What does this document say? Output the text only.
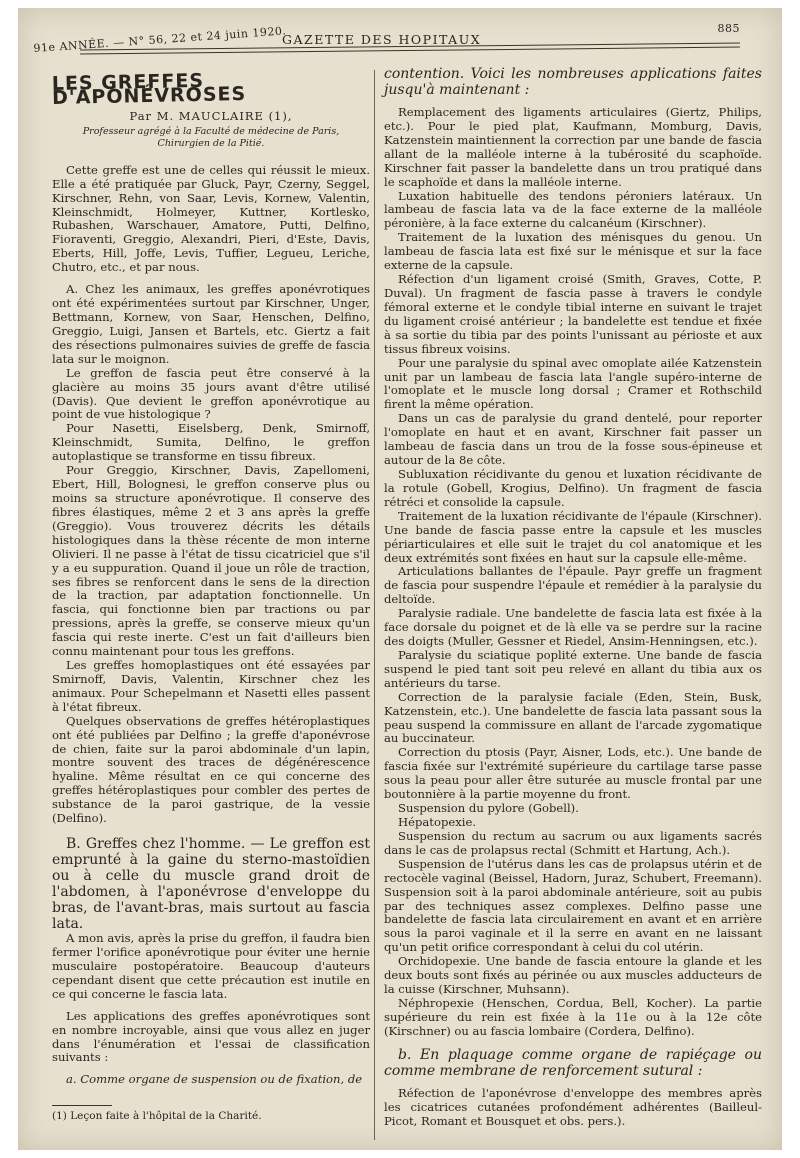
91e ANNÉE. — N° 56, 22 et 24 juin 1920.
GAZETTE DES HOPITAUX
885
LES GREFFES D'APONÉVROSES
Par M. MAUCLAIRE (1),
Professeur agrégé à la Faculté de médecine de Paris,
Chirurgien de la Pitié.

Cette greffe est une de celles qui réussit le mieux. Elle a été pratiquée par Gluck, Payr, Czerny, Seggel, Kirschner, Rehn, von Saar, Levis, Kornew, Valentin, Kleinschmidt, Holmeyer, Kuttner, Kortlesko, Rubashen, Warschauer, Amatore, Putti, Delfino, Fioraventi, Greggio, Alexandri, Pieri, d'Este, Davis, Eberts, Hill, Joffe, Levis, Tuffier, Legueu, Leriche, Chutro, etc., et par nous.

A. Chez les animaux, les greffes aponévrotiques ont été expérimentées surtout par Kirschner, Unger, Bettmann, Kornew, von Saar, Henschen, Delfino, Greggio, Luigi, Jansen et Bartels, etc. Giertz a fait des résections pulmonaires suivies de greffe de fascia lata sur le moignon.

Le greffon de fascia peut être conservé à la glacière au moins 35 jours avant d'être utilisé (Davis). Que devient le greffon aponévrotique au point de vue histologique ?

Pour Nasetti, Eiselsberg, Denk, Smirnoff, Kleinschmidt, Sumita, Delfino, le greffon autoplastique se transforme en tissu fibreux.

Pour Greggio, Kirschner, Davis, Zapellomeni, Ebert, Hill, Bolognesi, le greffon conserve plus ou moins sa structure aponévrotique. Il conserve des fibres élastiques, même 2 et 3 ans après la greffe (Greggio). Vous trouverez décrits les détails histologiques dans la thèse récente de mon interne Olivieri. Il ne passe à l'état de tissu cicatriciel que s'il y a eu suppuration. Quand il joue un rôle de traction, ses fibres se renforcent dans le sens de la direction de la traction, par adaptation fonctionnelle. Un fascia, qui fonctionne bien par tractions ou par pressions, après la greffe, se conserve mieux qu'un fascia qui reste inerte. C'est un fait d'ailleurs bien connu maintenant pour tous les greffons.

Les greffes homoplastiques ont été essayées par Smirnoff, Davis, Valentin, Kirschner chez les animaux. Pour Schepelmann et Nasetti elles passent à l'état fibreux.

Quelques observations de greffes hétéroplastiques ont été publiées par Delfino ; la greffe d'aponévrose de chien, faite sur la paroi abdominale d'un lapin, montre souvent des traces de dégénérescence hyaline. Même résultat en ce qui concerne des greffes hétéroplastiques pour combler des pertes de substance de la paroi gastrique, de la vessie (Delfino).

B. Greffes chez l'homme. — Le greffon est emprunté à la gaine du sterno-mastoïdien ou à celle du muscle grand droit de l'abdomen, à l'aponévrose d'enveloppe du bras, de l'avant-bras, mais surtout au fascia lata.

A mon avis, après la prise du greffon, il faudra bien fermer l'orifice aponévrotique pour éviter une hernie musculaire postopératoire. Beaucoup d'auteurs cependant disent que cette précaution est inutile en ce qui concerne le fascia lata.

Les applications des greffes aponévrotiques sont en nombre incroyable, ainsi que vous allez en juger dans l'énumération et l'essai de classification suivants :

a. Comme organe de suspension ou de fixation, de

(1) Leçon faite à l'hôpital de la Charité.

contention. Voici les nombreuses applications faites jusqu'à maintenant :

Remplacement des ligaments articulaires (Giertz, Philips, etc.). Pour le pied plat, Kaufmann, Momburg, Davis, Katzenstein maintiennent la correction par une bande de fascia allant de la malléole interne à la tubérosité du scaphoïde. Kirschner fait passer la bandelette dans un trou pratiqué dans le scaphoïde et dans la malléole interne.

Luxation habituelle des tendons péroniers latéraux. Un lambeau de fascia lata va de la face externe de la malléole péronière, à la face externe du calcanéum (Kirschner).

Traitement de la luxation des ménisques du genou. Un lambeau de fascia lata est fixé sur le ménisque et sur la face externe de la capsule.

Réfection d'un ligament croisé (Smith, Graves, Cotte, P. Duval). Un fragment de fascia passe à travers le condyle fémoral externe et le condyle tibial interne en suivant le trajet du ligament croisé antérieur ; la bandelette est tendue et fixée à sa sortie du tibia par des points l'unissant au périoste et aux tissus fibreux voisins.

Pour une paralysie du spinal avec omoplate ailée Katzenstein unit par un lambeau de fascia lata l'angle supéro-interne de l'omoplate et le muscle long dorsal ; Cramer et Rothschild firent la même opération.

Dans un cas de paralysie du grand dentelé, pour reporter l'omoplate en haut et en avant, Kirschner fait passer un lambeau de fascia dans un trou de la fosse sous-épineuse et autour de la 8e côte.

Subluxation récidivante du genou et luxation récidivante de la rotule (Gobell, Krogius, Delfino). Un fragment de fascia rétréci et consolide la capsule.

Traitement de la luxation récidivante de l'épaule (Kirschner). Une bande de fascia passe entre la capsule et les muscles périarticulaires et elle suit le trajet du col anatomique et les deux extrémités sont fixées en haut sur la capsule elle-même.

Articulations ballantes de l'épaule. Payr greffe un fragment de fascia pour suspendre l'épaule et remédier à la paralysie du deltoïde.

Paralysie radiale. Une bandelette de fascia lata est fixée à la face dorsale du poignet et de là elle va se perdre sur la racine des doigts (Muller, Gessner et Riedel, Ansim-Henningsen, etc.).

Paralysie du sciatique poplité externe. Une bande de fascia suspend le pied tant soit peu relevé en allant du tibia aux os antérieurs du tarse.

Correction de la paralysie faciale (Eden, Stein, Busk, Katzenstein, etc.). Une bandelette de fascia lata passant sous la peau suspend la commissure en allant de l'arcade zygomatique au buccinateur.

Correction du ptosis (Payr, Aisner, Lods, etc.). Une bande de fascia fixée sur l'extrémité supérieure du cartilage tarse passe sous la peau pour aller être suturée au muscle frontal par une boutonnière à la partie moyenne du front.

Suspension du pylore (Gobell).

Hépatopexie.

Suspension du rectum au sacrum ou aux ligaments sacrés dans le cas de prolapsus rectal (Schmitt et Hartung, Ach.).

Suspension de l'utérus dans les cas de prolapsus utérin et de rectocèle vaginal (Beissel, Hadorn, Juraz, Schubert, Freemann). Suspension soit à la paroi abdominale antérieure, soit au pubis par des techniques assez complexes. Delfino passe une bandelette de fascia lata circulairement en avant et en arrière sous la paroi vaginale et il la serre en avant en ne laissant qu'un petit orifice correspondant à celui du col utérin.

Orchidopexie. Une bande de fascia entoure la glande et les deux bouts sont fixés au périnée ou aux muscles adducteurs de la cuisse (Kirschner, Muhsann).

Néphropexie (Henschen, Cordua, Bell, Kocher). La partie supérieure du rein est fixée à la 11e ou à la 12e côte (Kirschner) ou au fascia lombaire (Cordera, Delfino).

b. En plaquage comme organe de rapiéçage ou comme membrane de renforcement sutural :

Réfection de l'aponévrose d'enveloppe des membres après les cicatrices cutanées profondément adhérentes (Bailleul-Picot, Romant et Bousquet et obs. pers.).
